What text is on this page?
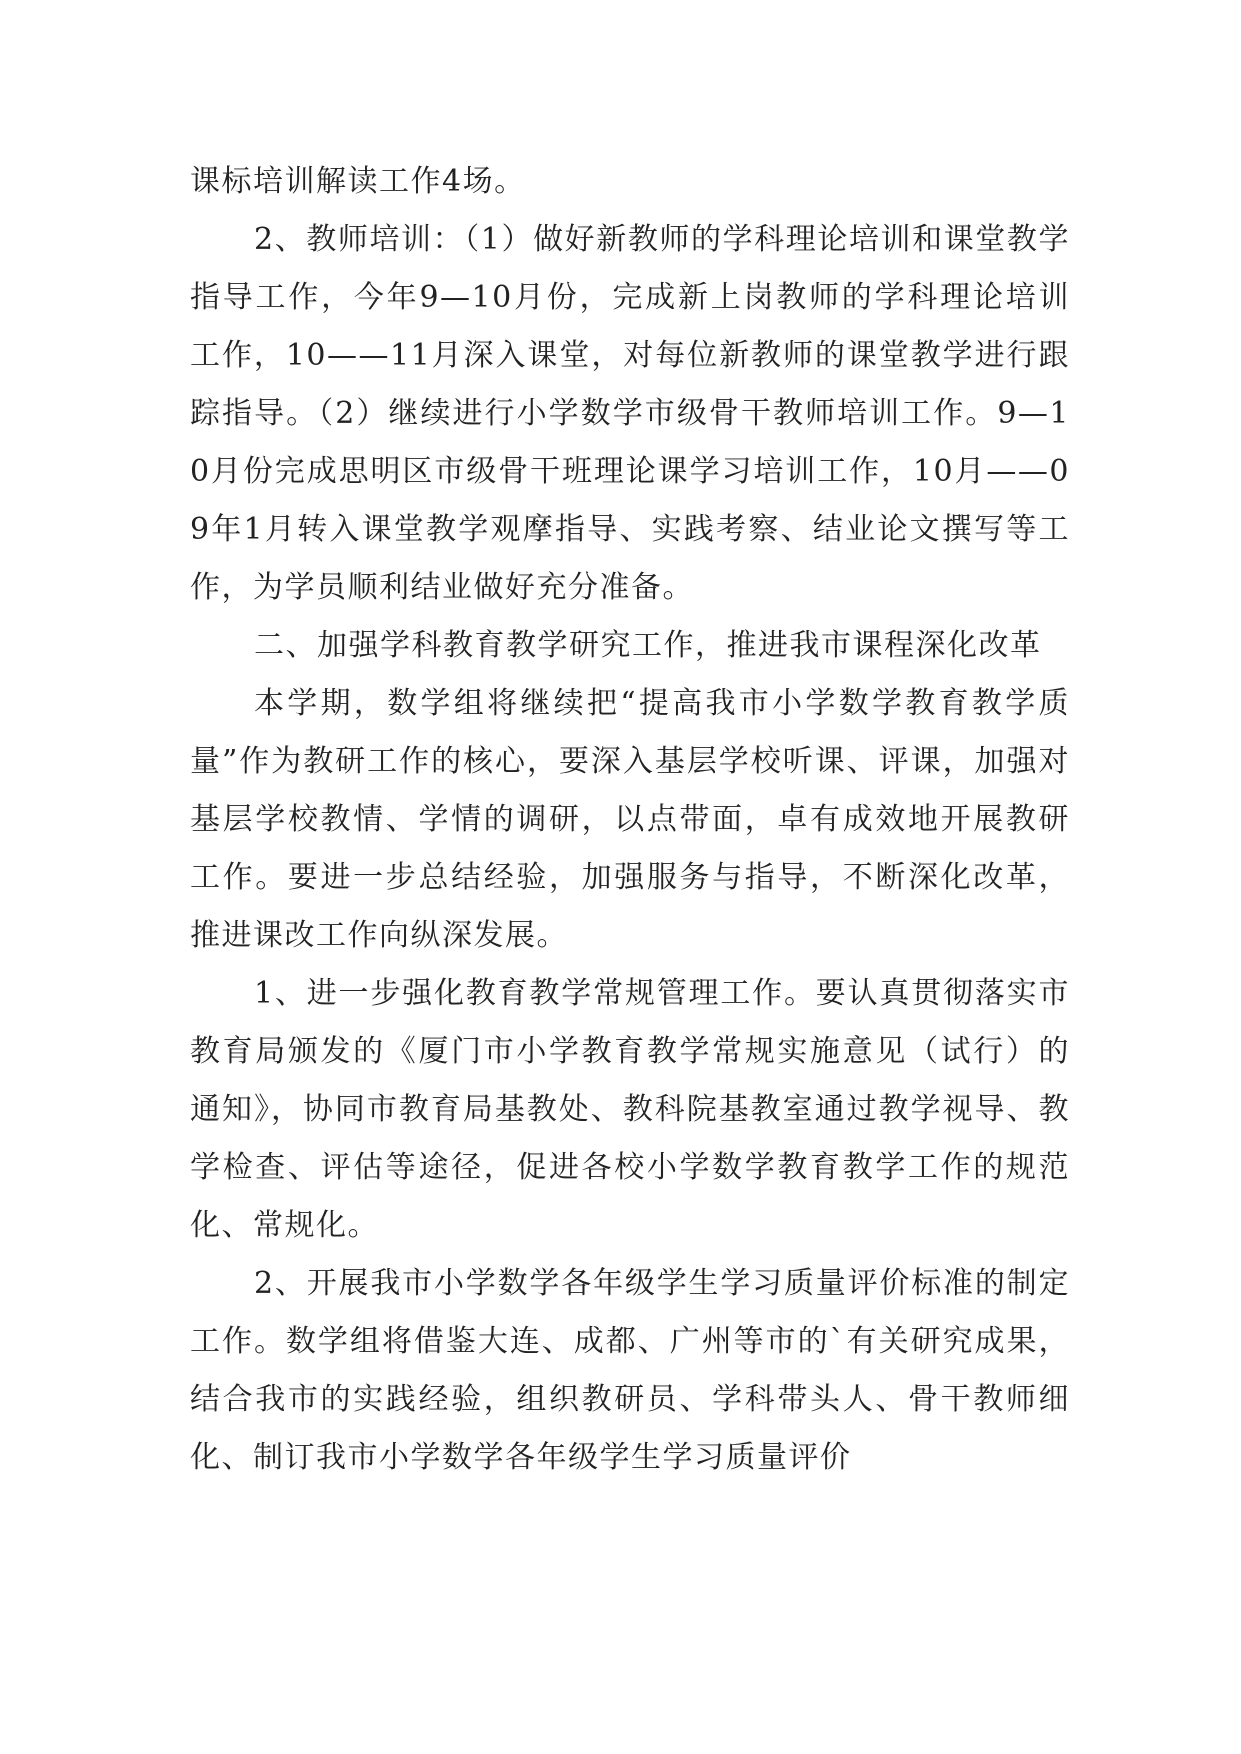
课标培训解读工作4场。

2、教师培训：（1）做好新教师的学科理论培训和课堂教学指导工作，今年9—10月份，完成新上岗教师的学科理论培训工作，10——11月深入课堂，对每位新教师的课堂教学进行跟踪指导。（2）继续进行小学数学市级骨干教师培训工作。9—10月份完成思明区市级骨干班理论课学习培训工作，10月——09年1月转入课堂教学观摩指导、实践考察、结业论文撰写等工作，为学员顺利结业做好充分准备。

二、加强学科教育教学研究工作，推进我市课程深化改革

本学期，数学组将继续把“提高我市小学数学教育教学质量”作为教研工作的核心，要深入基层学校听课、评课，加强对基层学校教情、学情的调研，以点带面，卓有成效地开展教研工作。要进一步总结经验，加强服务与指导，不断深化改革，推进课改工作向纵深发展。

1、进一步强化教育教学常规管理工作。要认真贯彻落实市教育局颁发的《厦门市小学教育教学常规实施意见（试行）的通知》，协同市教育局基教处、教科院基教室通过教学视导、教学检查、评估等途径，促进各校小学数学教育教学工作的规范化、常规化。

2、开展我市小学数学各年级学生学习质量评价标准的制定工作。数学组将借鉴大连、成都、广州等市的`有关研究成果，结合我市的实践经验，组织教研员、学科带头人、骨干教师细化、制订我市小学数学各年级学生学习质量评价
